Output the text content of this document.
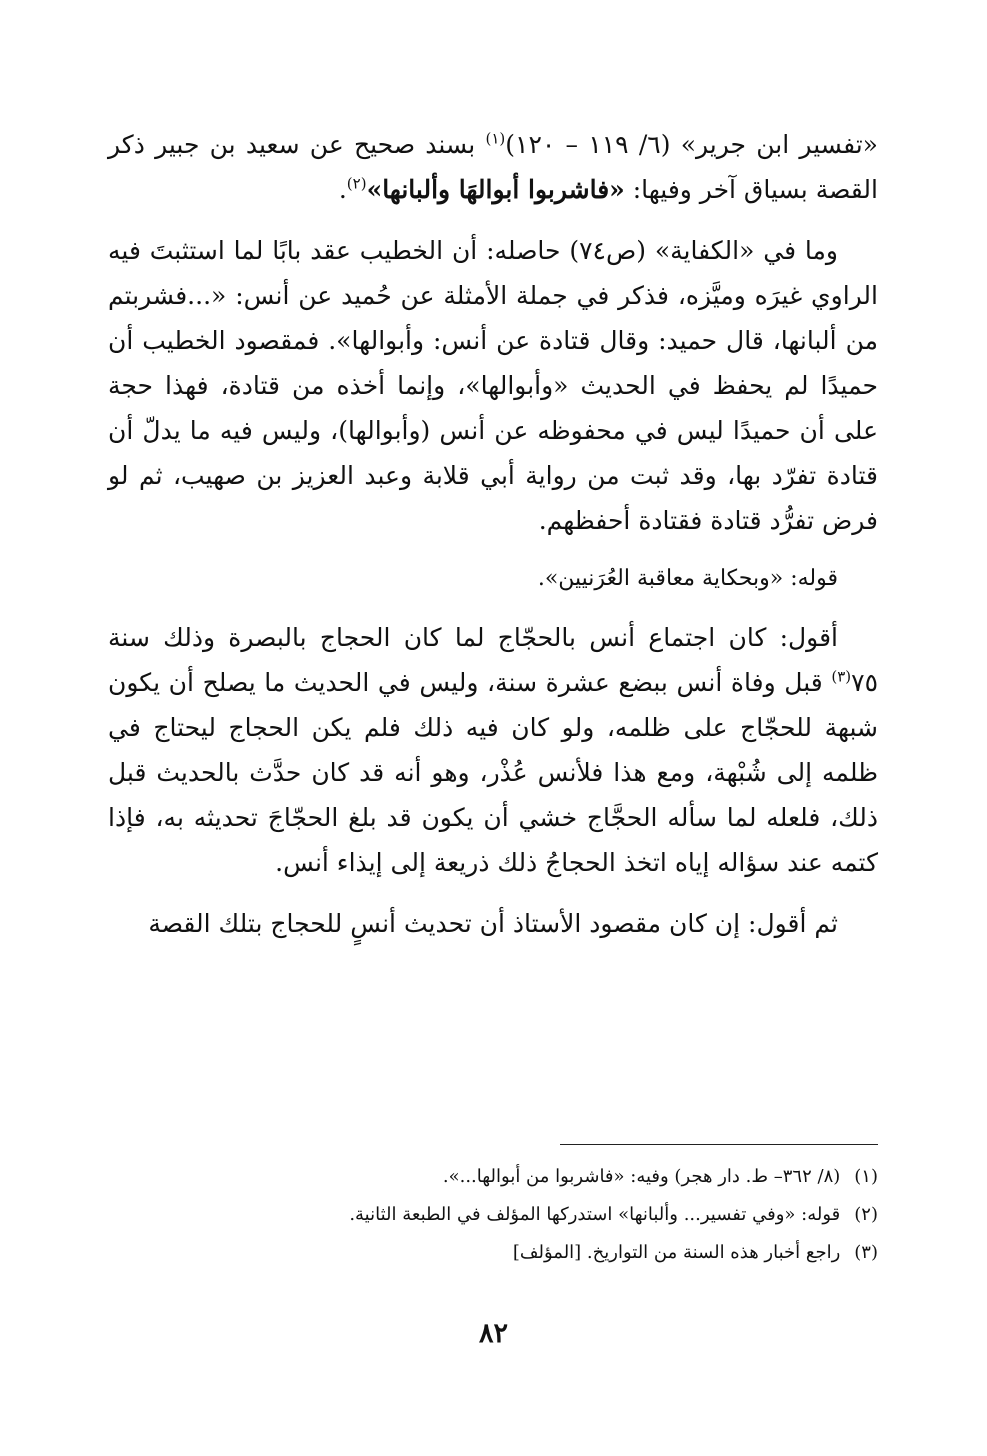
«تفسير ابن جرير» (٦/ ١١٩ – ١٢٠)$^{(١)}$ بسند صحيح عن سعيد بن جبير ذكر القصة بسياق آخر وفيها: «فاشربوا أبوالهَا وألبانها»$^{(٢)}$.

وما في «الكفاية» (ص٧٤) حاصله: أن الخطيب عقد بابًا لما استثبتَ فيه الراوي غيرَه وميَّزه، فذكر في جملة الأمثلة عن حُميد عن أنس: «...فشربتم من ألبانها، قال حميد: وقال قتادة عن أنس: وأبوالها». فمقصود الخطيب أن حميدًا لم يحفظ في الحديث «وأبوالها»، وإنما أخذه من قتادة، فهذا حجة على أن حميدًا ليس في محفوظه عن أنس (وأبوالها)، وليس فيه ما يدلّ أن قتادة تفرّد بها، وقد ثبت من رواية أبي قلابة وعبد العزيز بن صهيب، ثم لو فرض تفرُّد قتادة فقتادة أحفظهم.

قوله: «وبحكاية معاقبة العُرَنيين».

أقول: كان اجتماع أنس بالحجّاج لما كان الحجاج بالبصرة وذلك سنة ٧٥$^{(٣)}$ قبل وفاة أنس ببضع عشرة سنة، وليس في الحديث ما يصلح أن يكون شبهة للحجّاج على ظلمه، ولو كان فيه ذلك فلم يكن الحجاج ليحتاج في ظلمه إلى شُبْهة، ومع هذا فلأنس عُذْر، وهو أنه قد كان حدَّث بالحديث قبل ذلك، فلعله لما سأله الحجَّاج خشي أن يكون قد بلغ الحجّاجَ تحديثه به، فإذا كتمه عند سؤاله إياه اتخذ الحجاجُ ذلك ذريعة إلى إيذاء أنس.

ثم أقول: إن كان مقصود الأستاذ أن تحديث أنسٍ للحجاج بتلك القصة

(١)(٨/ ٣٦٢– ط. دار هجر) وفيه: «فاشربوا من أبوالها...».

(٢)قوله: «وفي تفسير... وألبانها» استدركها المؤلف في الطبعة الثانية.

(٣)راجع أخبار هذه السنة من التواريخ. [المؤلف]

٨٢
